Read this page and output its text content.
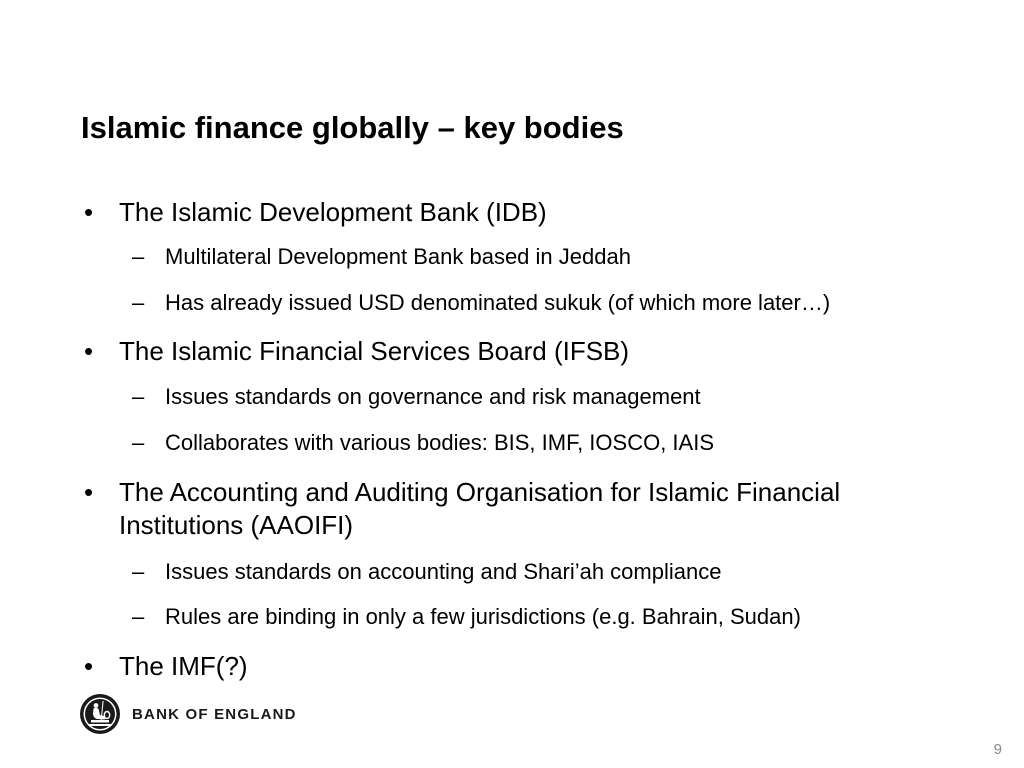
Islamic finance globally – key bodies
• The Islamic Development Bank (IDB)
– Multilateral Development Bank based in Jeddah
– Has already issued USD denominated sukuk (of which more later…)
• The Islamic Financial Services Board (IFSB)
– Issues standards on governance and risk management
– Collaborates with various bodies: BIS, IMF, IOSCO, IAIS
• The Accounting and Auditing Organisation for Islamic Financial Institutions (AAOIFI)
– Issues standards on accounting and Shari’ah compliance
– Rules are binding in only a few jurisdictions (e.g. Bahrain, Sudan)
• The IMF(?)
BANK OF ENGLAND
9
